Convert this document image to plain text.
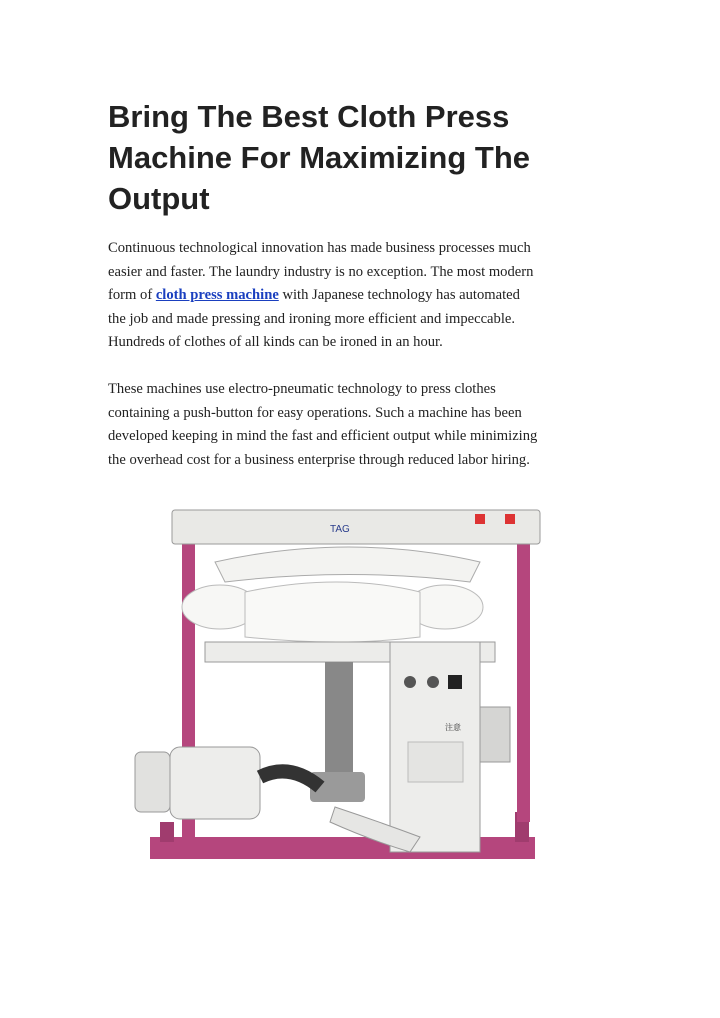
Bring The Best Cloth Press
Machine For Maximizing The
Output

Continuous technological innovation has made business processes much
easier and faster. The laundry industry is no exception. The most modern
form of cloth press machine with Japanese technology has automated
the job and made pressing and ironing more efficient and impeccable.
Hundreds of clothes of all kinds can be ironed in an hour.

These machines use electro-pneumatic technology to press clothes
containing a push-button for easy operations. Such a machine has been
developed keeping in mind the fast and efficient output while minimizing
the overhead cost for a business enterprise through reduced labor hiring.

TAG
注意
